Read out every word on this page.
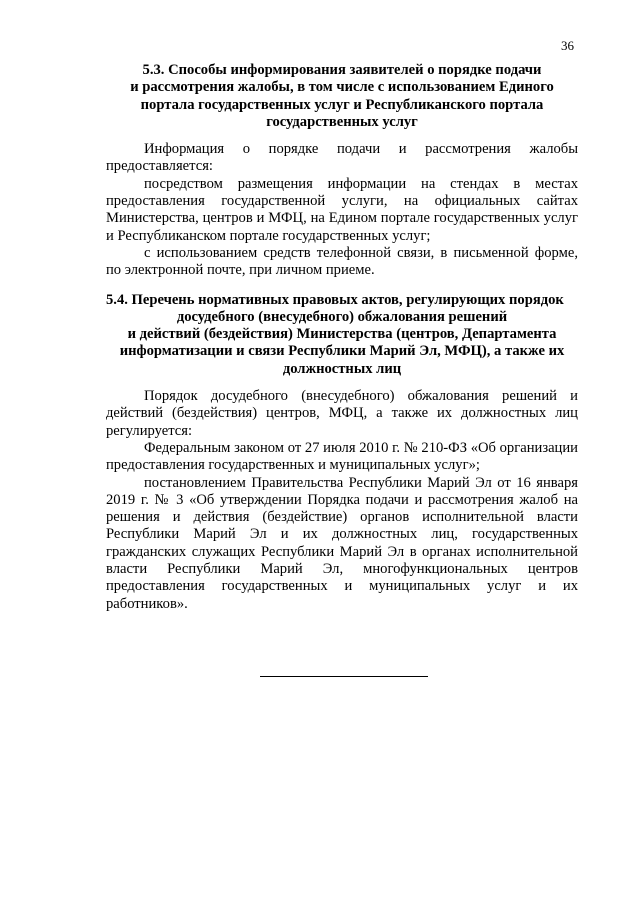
36
5.3. Способы информирования заявителей о порядке подачи
и рассмотрения жалобы, в том числе с использованием Единого
портала государственных услуг и Республиканского портала
государственных услуг

Информация о порядке подачи и рассмотрения жалобы предоставляется:

посредством размещения информации на стендах в местах предоставления государственной услуги, на официальных сайтах Министерства, центров и МФЦ, на Едином портале государственных услуг и Республиканском портале государственных услуг;

с использованием средств телефонной связи, в письменной форме, по электронной почте, при личном приеме.

5.4. Перечень нормативных правовых актов, регулирующих порядок
досудебного (внесудебного) обжалования решений
и действий (бездействия) Министерства (центров, Департамента
информатизации и связи Республики Марий Эл, МФЦ), а также их
должностных лиц

Порядок досудебного (внесудебного) обжалования решений и действий (бездействия) центров, МФЦ, а также их должностных лиц регулируется:

Федеральным законом от 27 июля 2010 г. № 210-ФЗ «Об организации предоставления государственных и муниципальных услуг»;

постановлением Правительства Республики Марий Эл от 16 января 2019 г. № 3 «Об утверждении Порядка подачи и рассмотрения жалоб на решения и действия (бездействие) органов исполнительной власти Республики Марий Эл и их должностных лиц, государственных гражданских служащих Республики Марий Эл в органах исполнительной власти Республики Марий Эл, многофункциональных центров предоставления государственных и муниципальных услуг и их работников».
